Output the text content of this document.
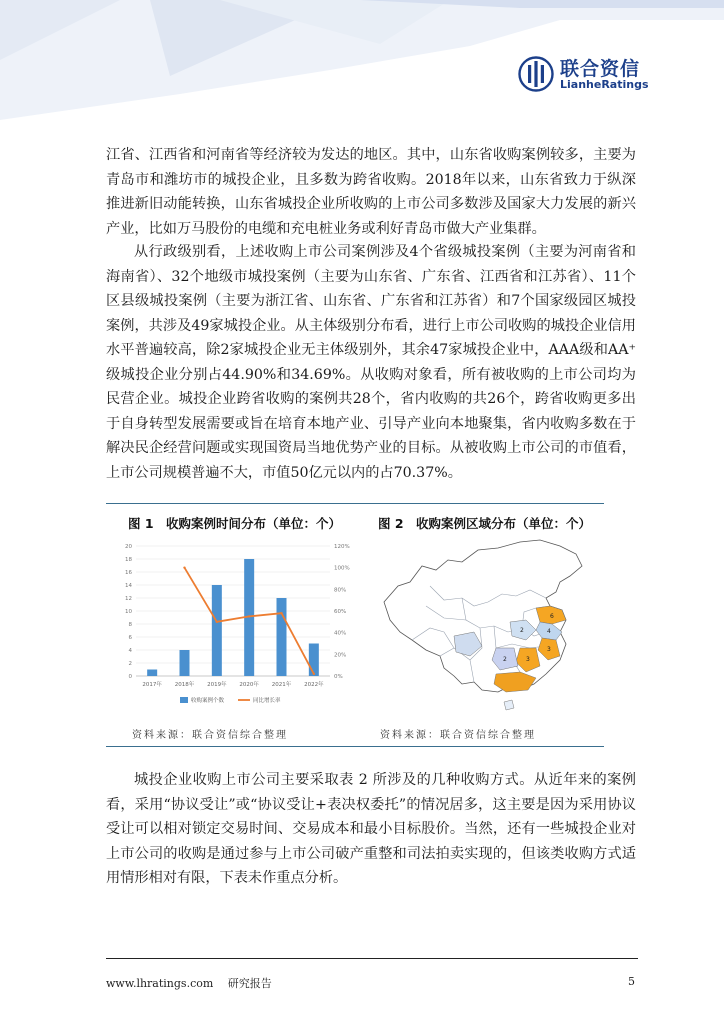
联合资信
LianheRatings

江省、江西省和河南省等经济较为发达的地区。其中，山东省收购案例较多，主要为青岛市和潍坊市的城投企业，且多数为跨省收购。2018年以来，山东省致力于纵深推进新旧动能转换，山东省城投企业所收购的上市公司多数涉及国家大力发展的新兴产业，比如万马股份的电缆和充电桩业务或利好青岛市做大产业集群。

从行政级别看，上述收购上市公司案例涉及4个省级城投案例（主要为河南省和海南省）、32个地级市城投案例（主要为山东省、广东省、江西省和江苏省）、11个区县级城投案例（主要为浙江省、山东省、广东省和江苏省）和7个国家级园区城投案例，共涉及49家城投企业。从主体级别分布看，进行上市公司收购的城投企业信用水平普遍较高，除2家城投企业无主体级别外，其余47家城投企业中，AAA级和AA⁺级城投企业分别占44.90%和34.69%。从收购对象看，所有被收购的上市公司均为民营企业。城投企业跨省收购的案例共28个，省内收购的共26个，跨省收购更多出于自身转型发展需要或旨在培育本地产业、引导产业向本地聚集，省内收购多数在于解决民企经营问题或实现国资局当地优势产业的目标。从被收购上市公司的市值看，上市公司规模普遍不大，市值50亿元以内的占70.37%。

图 1　收购案例时间分布（单位：个）	图 2　收购案例区域分布（单位：个）
0
2
4
6
8
10
12
14
16
18
20
0%
20%
40%
60%
80%
100%
120%
2017年 2018年 2019年 2020年 2021年 2022年
收购案例个数	同比增长率
6
4
3
2
3
2
资料来源：联合资信综合整理	资料来源：联合资信综合整理

城投企业收购上市公司主要采取表 2 所涉及的几种收购方式。从近年来的案例看，采用“协议受让”或“协议受让+表决权委托”的情况居多，这主要是因为采用协议受让可以相对锁定交易时间、交易成本和最小目标股价。当然，还有一些城投企业对上市公司的收购是通过参与上市公司破产重整和司法拍卖实现的，但该类收购方式适用情形相对有限，下表未作重点分析。

www.lhratings.com　 研究报告	5
